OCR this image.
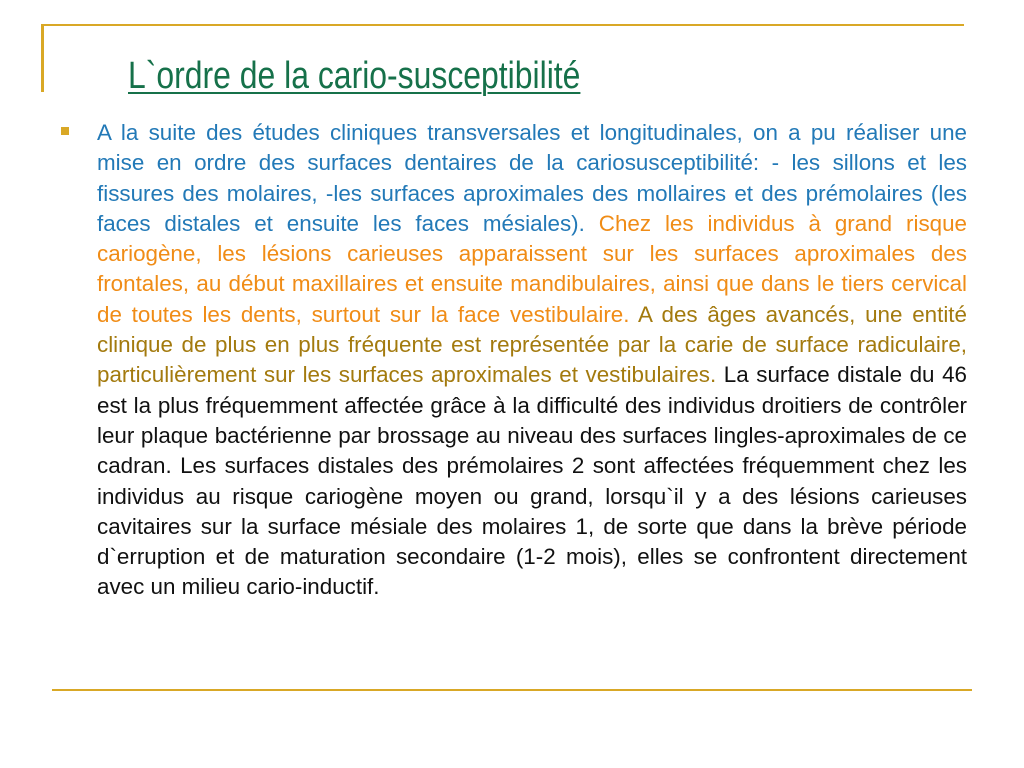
L`ordre de la cario-susceptibilité

A la suite des études cliniques transversales et longitudinales, on a pu réaliser une mise en ordre des surfaces dentaires de la cariosusceptibilité: - les sillons et les fissures des molaires, -les surfaces aproximales des mollaires et des prémolaires (les faces distales et ensuite les faces mésiales). Chez les individus à grand risque cariogène, les lésions carieuses apparaissent sur les surfaces aproximales des frontales, au début maxillaires et ensuite mandibulaires, ainsi que dans le tiers cervical de toutes les dents, surtout sur la face vestibulaire. A des âges avancés, une entité clinique de plus en plus fréquente est représentée par la carie de surface radiculaire, particulièrement sur les surfaces aproximales et vestibulaires. La surface distale du 46 est la plus fréquemment affectée grâce à la difficulté des individus droitiers de contrôler leur plaque bactérienne par brossage au niveau des surfaces lingles-aproximales de ce cadran. Les surfaces distales des prémolaires 2 sont affectées fréquemment chez les individus au risque cariogène moyen ou grand, lorsqu`il y a des lésions carieuses cavitaires sur la surface mésiale des molaires 1, de sorte que dans la brève période d`erruption et de maturation secondaire (1-2 mois), elles se confrontent directement avec un milieu cario-inductif.
